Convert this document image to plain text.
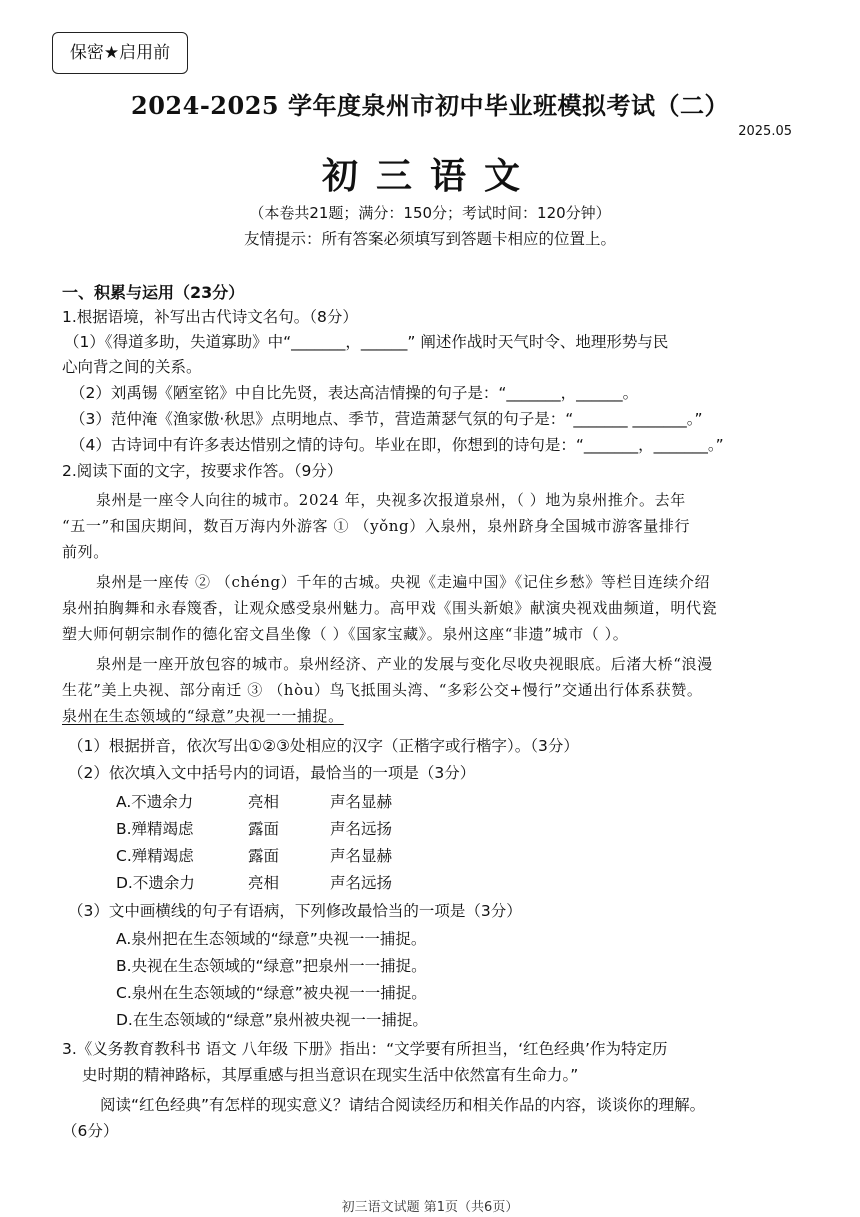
保密★启用前
2024-2025 学年度泉州市初中毕业班模拟考试（二）
2025.05
初三语文
（本卷共21题；满分：150分；考试时间：120分钟）
友情提示：所有答案必须填写到答题卡相应的位置上。
一、积累与运用（23分）
1.根据语境，补写出古代诗文名句。（8分）
（1）《得道多助，失道寡助》中“_______，______” 阐述作战时天气时令、地理形势与民
心向背之间的关系。
（2）刘禹锡《陋室铭》中自比先贤，表达高洁情操的句子是：“_______，______。
（3）范仲淹《渔家傲·秋思》点明地点、季节，营造萧瑟气氛的句子是：“_______ _______。”
（4）古诗词中有许多表达惜别之情的诗句。毕业在即，你想到的诗句是：“_______，_______。”
2.阅读下面的文字，按要求作答。（9分）
泉州是一座令人向往的城市。2024 年，央视多次报道泉州，（ ）地为泉州推介。去年
“五一”和国庆期间，数百万海内外游客 ① （yǒng）入泉州，泉州跻身全国城市游客量排行
前列。
泉州是一座传 ② （chéng）千年的古城。央视《走遍中国》《记住乡愁》等栏目连续介绍
泉州拍胸舞和永春篾香，让观众感受泉州魅力。高甲戏《围头新娘》献演央视戏曲频道，明代瓷
塑大师何朝宗制作的德化窑文昌坐像（ ）《国家宝藏》。泉州这座“非遗”城市（ ）。
泉州是一座开放包容的城市。泉州经济、产业的发展与变化尽收央视眼底。后渚大桥“浪漫
生花”美上央视、部分南迁 ③ （hòu）鸟飞抵围头湾、“多彩公交+慢行”交通出行体系获赞。
泉州在生态领域的“绿意”央视一一捕捉。
（1）根据拼音，依次写出①②③处相应的汉字（正楷字或行楷字）。（3分）
（2）依次填入文中括号内的词语，最恰当的一项是（3分）
A.不遗余力	亮相	声名显赫
B.殚精竭虑	露面	声名远扬
C.殚精竭虑	露面	声名显赫
D.不遗余力	亮相	声名远扬
（3）文中画横线的句子有语病，下列修改最恰当的一项是（3分）
A.泉州把在生态领域的“绿意”央视一一捕捉。
B.央视在生态领域的“绿意”把泉州一一捕捉。
C.泉州在生态领域的“绿意”被央视一一捕捉。
D.在生态领域的“绿意”泉州被央视一一捕捉。
3.《义务教育教科书 语文 八年级 下册》指出：“文学要有所担当，‘红色经典’作为特定历
史时期的精神路标，其厚重感与担当意识在现实生活中依然富有生命力。”
阅读“红色经典”有怎样的现实意义？请结合阅读经历和相关作品的内容，谈谈你的理解。
（6分）
初三语文试题 第1页（共6页）
